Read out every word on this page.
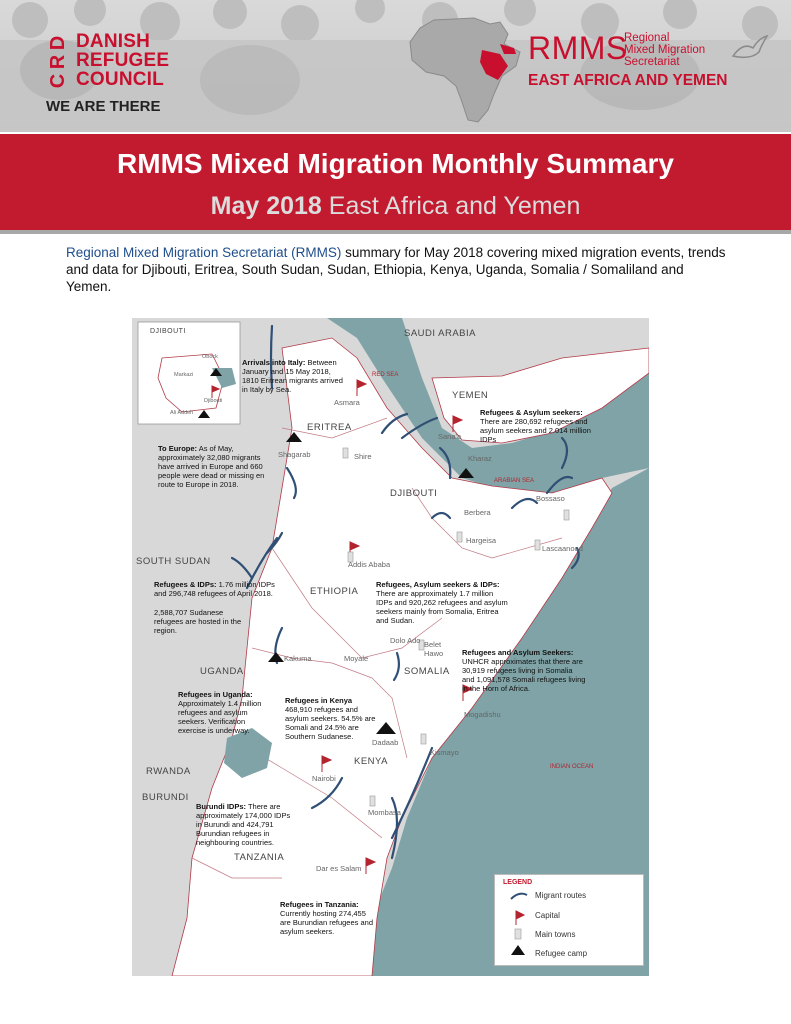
D
R
C
DANISH
REFUGEE
COUNCIL
WE ARE THERE
RMMS
Regional
Mixed Migration
Secretariat
EAST AFRICA AND YEMEN
RMMS Mixed Migration Monthly Summary
May 2018 East Africa and Yemen
Regional Mixed Migration Secretariat (RMMS) summary for May 2018 covering mixed migration events, trends and data for Djibouti, Eritrea, South Sudan, Sudan, Ethiopia, Kenya, Uganda, Somalia / Somaliland and Yemen.
DJIBOUTI
Obock
Markazi
Djibouti
Ali Addeh
SAUDI ARABIA
YEMEN
ERITREA
DJIBOUTI
SOUTH SUDAN
ETHIOPIA
UGANDA	SOMALIA
KENYA
RWANDA
BURUNDI
TANZANIA
RED SEA
ARABIAN SEA
INDIAN OCEAN
Asmara
Shire
Shagarab
Sana'a
Kharaz
Bossaso
Berbera
Hargeisa
Lascaanood
Addis Ababa
Dolo Ado
Kakuma	Moyale
Belet
Hawo
Mogadishu
Dadaab
Kismayo
Nairobi
Mombasa
Dar es Salam
Arrivals into Italy: Between January and 15 May 2018, 1810 Eritrean migrants arrived in Italy by Sea.
To Europe: As of May, approximately 32,080 migrants have arrived in Europe and 660 people were dead or missing en route to Europe in 2018.
Refugees & Asylum seekers: There are 280,692 refugees and asylum seekers and 2.014 million IDPs
Refugees & IDPs: 1.76 million IDPs and 296,748 refugees of April 2018.
2,588,707 Sudanese refugees are hosted in the region.
Refugees, Asylum seekers & IDPs: There are approximately 1.7 million IDPs and 920,262 refugees and asylum seekers mainly from Somalia, Eritrea and Sudan.
Refugees and Asylum Seekers: UNHCR approximates that there are 30,919 refugees living in Somalia and 1,091,578 Somali refugees living in the Horn of Africa.
Refugees in Uganda: Approximately 1.4 million refugees and asylum seekers. Verification exercise is underway.
Refugees in Kenya 468,910 refugees and asylum seekers. 54.5% are Somali and 24.5% are Southern Sudanese.
Burundi IDPs: There are approximately 174,000 IDPs in Burundi and 424,791 Burundian refugees in neighbouring countries.
Refugees in Tanzania: Currently hosting 274,455 are Burundian refugees and asylum seekers.
LEGEND
Migrant routes
Capital
Main towns
Refugee camp
